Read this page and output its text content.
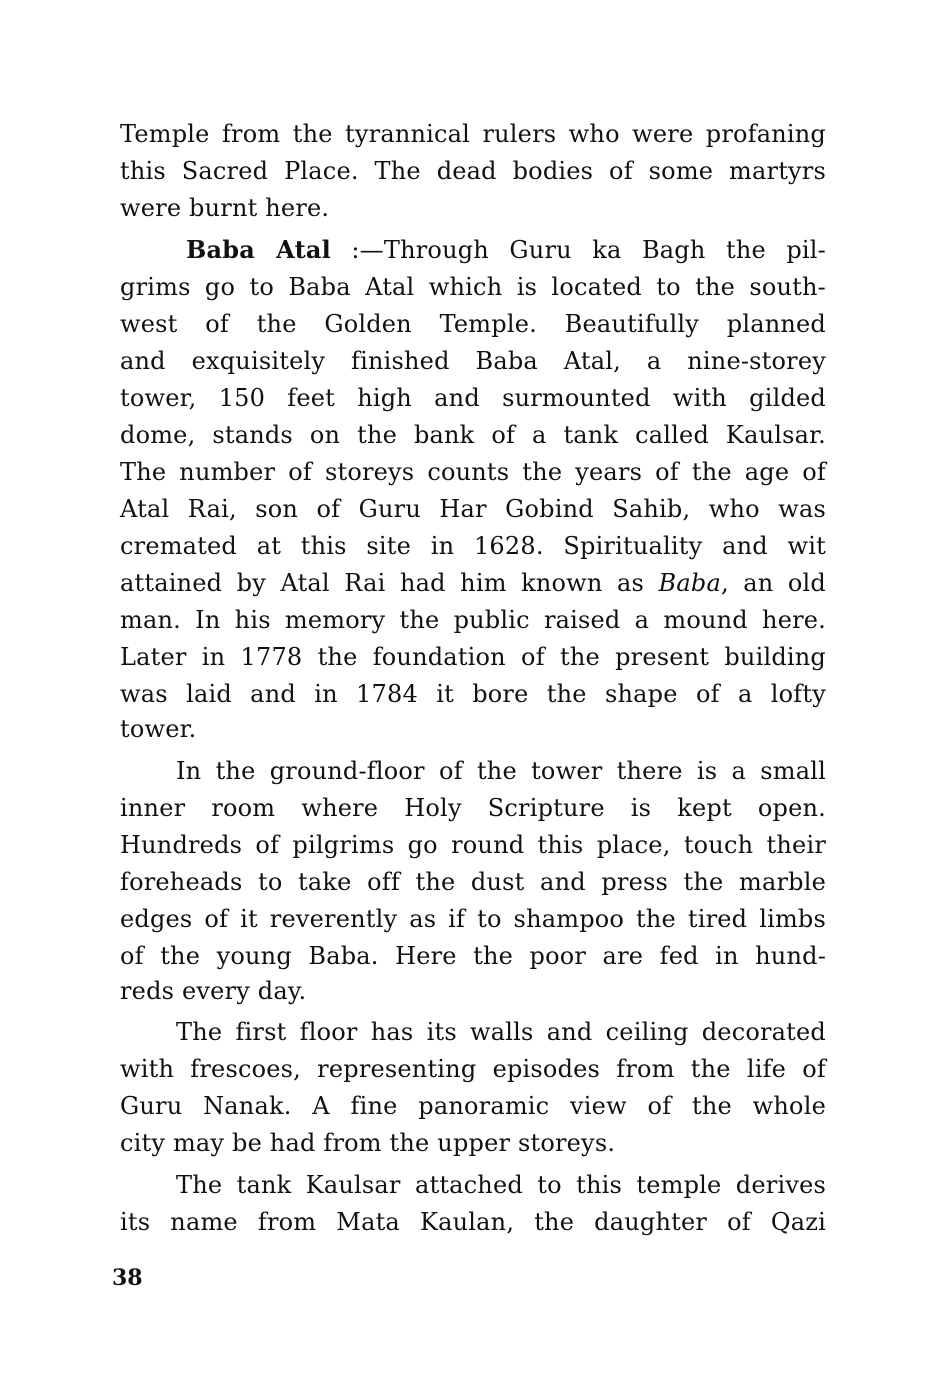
Temple from the tyrannical rulers who were profaning
this Sacred Place. The dead bodies of some martyrs
were burnt here.
Baba Atal :—Through Guru ka Bagh the pil-
grims go to Baba Atal which is located to the south-
west of the Golden Temple. Beautifully planned
and exquisitely finished Baba Atal, a nine-storey
tower, 150 feet high and surmounted with gilded
dome, stands on the bank of a tank called Kaulsar.
The number of storeys counts the years of the age of
Atal Rai, son of Guru Har Gobind Sahib, who was
cremated at this site in 1628. Spirituality and wit
attained by Atal Rai had him known as Baba, an old
man. In his memory the public raised a mound here.
Later in 1778 the foundation of the present building
was laid and in 1784 it bore the shape of a lofty
tower.
In the ground-floor of the tower there is a small
inner room where Holy Scripture is kept open.
Hundreds of pilgrims go round this place, touch their
foreheads to take off the dust and press the marble
edges of it reverently as if to shampoo the tired limbs
of the young Baba. Here the poor are fed in hund-
reds every day.
The first floor has its walls and ceiling decorated
with frescoes, representing episodes from the life of
Guru Nanak. A fine panoramic view of the whole
city may be had from the upper storeys.
The tank Kaulsar attached to this temple derives
its name from Mata Kaulan, the daughter of Qazi
38
